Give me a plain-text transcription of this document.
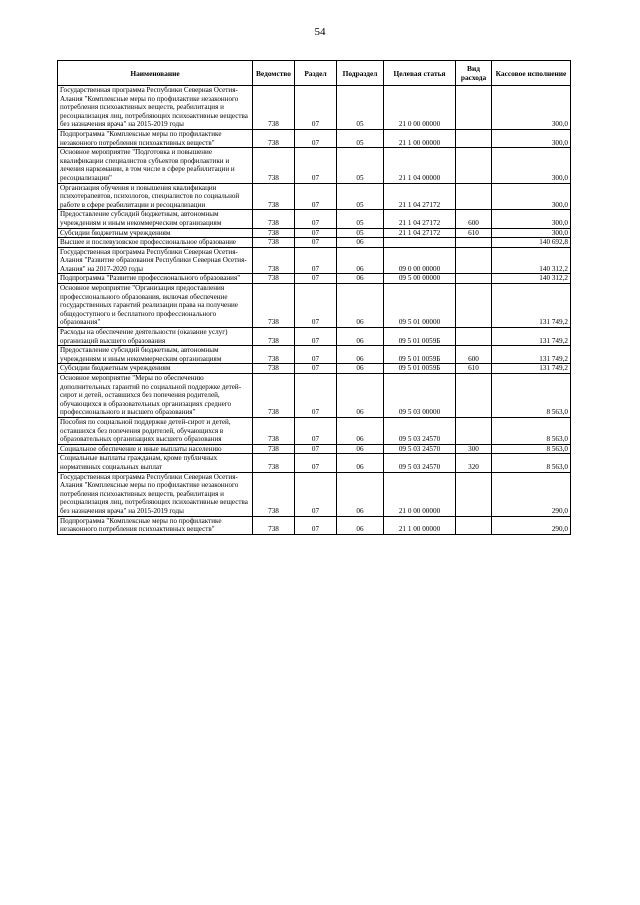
54
Наименование	Ведомство	Раздел	Подраздел	Целевая статья	Вид расхода	Кассовое исполнение
Государственная программа Республики Северная Осетия-Алания "Комплексные меры по профилактике незаконного потребления психоактивных веществ, реабилитация и ресоциализация лиц, потребляющих психоактивные вещества без назначения врача" на 2015-2019 годы	738	07	05	21 0 00 00000		300,0
Подпрограмма "Комплексные меры по профилактике незаконного потребления психоактивных веществ"	738	07	05	21 1 00 00000		300,0
Основное мероприятие "Подготовка и повышение квалификации специалистов субъектов профилактики и лечения наркомании, в том числе в сфере реабилитации и ресоциализации"	738	07	05	21 1 04 00000		300,0
Организация обучения и повышения квалификации психотерапевтов, психологов, специалистов по социальной работе в сфере реабилитации и ресоциализации	738	07	05	21 1 04 27172		300,0
Предоставление субсидий бюджетным, автономным учреждениям и иным некоммерческим организациям	738	07	05	21 1 04 27172	600	300,0
Субсидии бюджетным учреждениям	738	07	05	21 1 04 27172	610	300,0
Высшее и послевузовское профессиональное образование	738	07	06			140 692,8
Государственная программа Республики Северная Осетия-Алания "Развитие образования Республики Северная Осетия-Алания" на 2017-2020 годы	738	07	06	09 0 00 00000		140 312,2
Подпрограмма "Развитие профессионального образования"	738	07	06	09 5 00 00000		140 312,2
Основное мероприятие "Организация предоставления профессионального образования, включая обеспечение государственных гарантий реализации права на получение общедоступного и бесплатного профессионального образования"	738	07	06	09 5 01 00000		131 749,2
Расходы на обеспечение деятельности (оказание услуг) организаций высшего образования	738	07	06	09 5 01 0059Б		131 749,2
Предоставление субсидий бюджетным, автономным учреждениям и иным некоммерческим организациям	738	07	06	09 5 01 0059Б	600	131 749,2
Субсидии бюджетным учреждениям	738	07	06	09 5 01 0059Б	610	131 749,2
Основное мероприятие "Меры по обеспечению дополнительных гарантий по социальной поддержке детей-сирот и детей, оставшихся без попечения родителей, обучающихся в образовательных организациях среднего профессионального и высшего образования"	738	07	06	09 5 03 00000		8 563,0
Пособия по социальной поддержке детей-сирот и детей, оставшихся без попечения родителей, обучающихся в образовательных организациях высшего образования	738	07	06	09 5 03 24570		8 563,0
Социальное обеспечение и иные выплаты населению	738	07	06	09 5 03 24570	300	8 563,0
Социальные выплаты гражданам, кроме публичных нормативных социальных выплат	738	07	06	09 5 03 24570	320	8 563,0
Государственная программа Республики Северная Осетия-Алания "Комплексные меры по профилактике незаконного потребления психоактивных веществ, реабилитация и ресоциализация лиц, потребляющих психоактивные вещества без назначения врача" на 2015-2019 годы	738	07	06	21 0 00 00000		290,0
Подпрограмма "Комплексные меры по профилактике незаконного потребления психоактивных веществ"	738	07	06	21 1 00 00000		290,0
